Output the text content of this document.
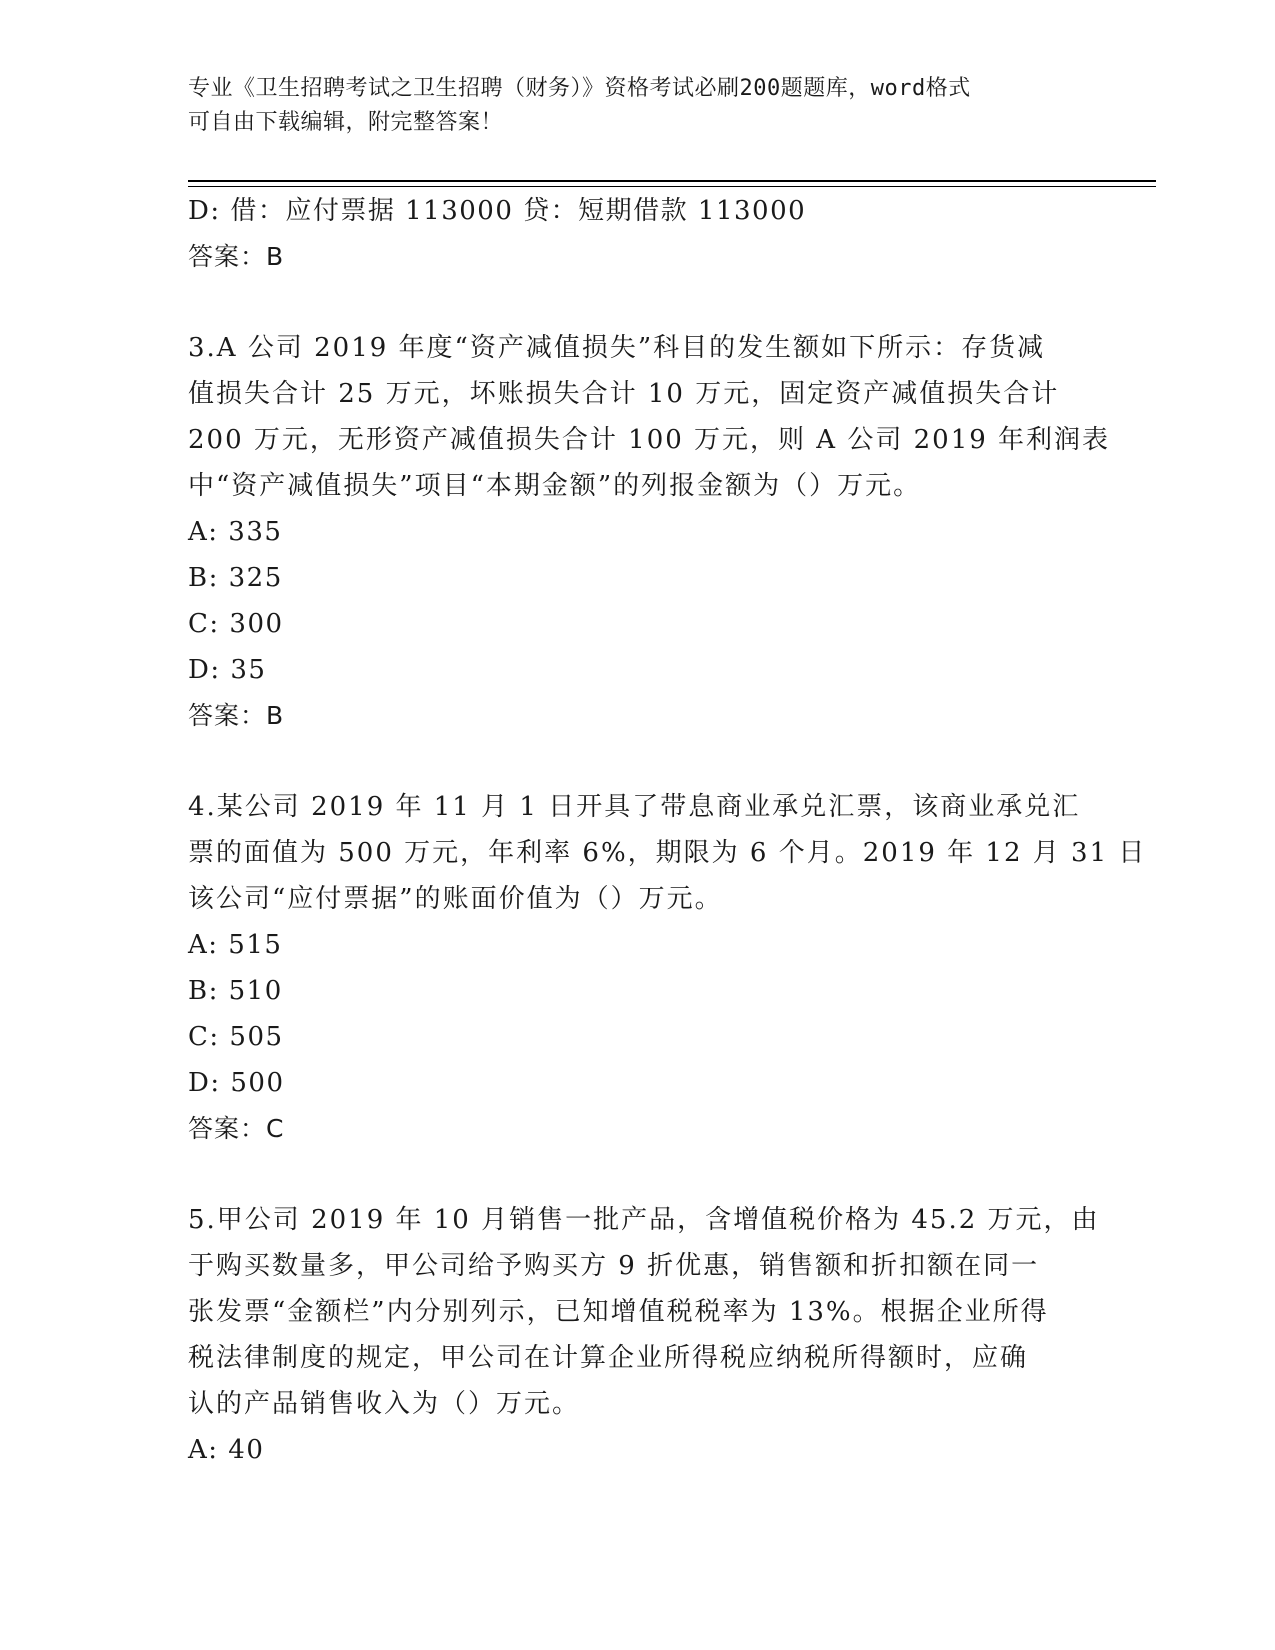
专业《卫生招聘考试之卫生招聘（财务）》资格考试必刷200题题库，word格式
可自由下载编辑，附完整答案！
D: 借：应付票据 113000 贷：短期借款 113000
答案：B
3.A 公司 2019 年度“资产减值损失”科目的发生额如下所示：存货减
值损失合计 25 万元，坏账损失合计 10 万元，固定资产减值损失合计
200 万元，无形资产减值损失合计 100 万元，则 A 公司 2019 年利润表
中“资产减值损失”项目“本期金额”的列报金额为（）万元。
A: 335
B: 325
C: 300
D: 35
答案：B
4.某公司 2019 年 11 月 1 日开具了带息商业承兑汇票，该商业承兑汇
票的面值为 500 万元，年利率 6%，期限为 6 个月。2019 年 12 月 31 日
该公司“应付票据”的账面价值为（）万元。
A: 515
B: 510
C: 505
D: 500
答案：C
5.甲公司 2019 年 10 月销售一批产品，含增值税价格为 45.2 万元，由
于购买数量多，甲公司给予购买方 9 折优惠，销售额和折扣额在同一
张发票“金额栏”内分别列示，已知增值税税率为 13%。根据企业所得
税法律制度的规定，甲公司在计算企业所得税应纳税所得额时，应确
认的产品销售收入为（）万元。
A: 40
